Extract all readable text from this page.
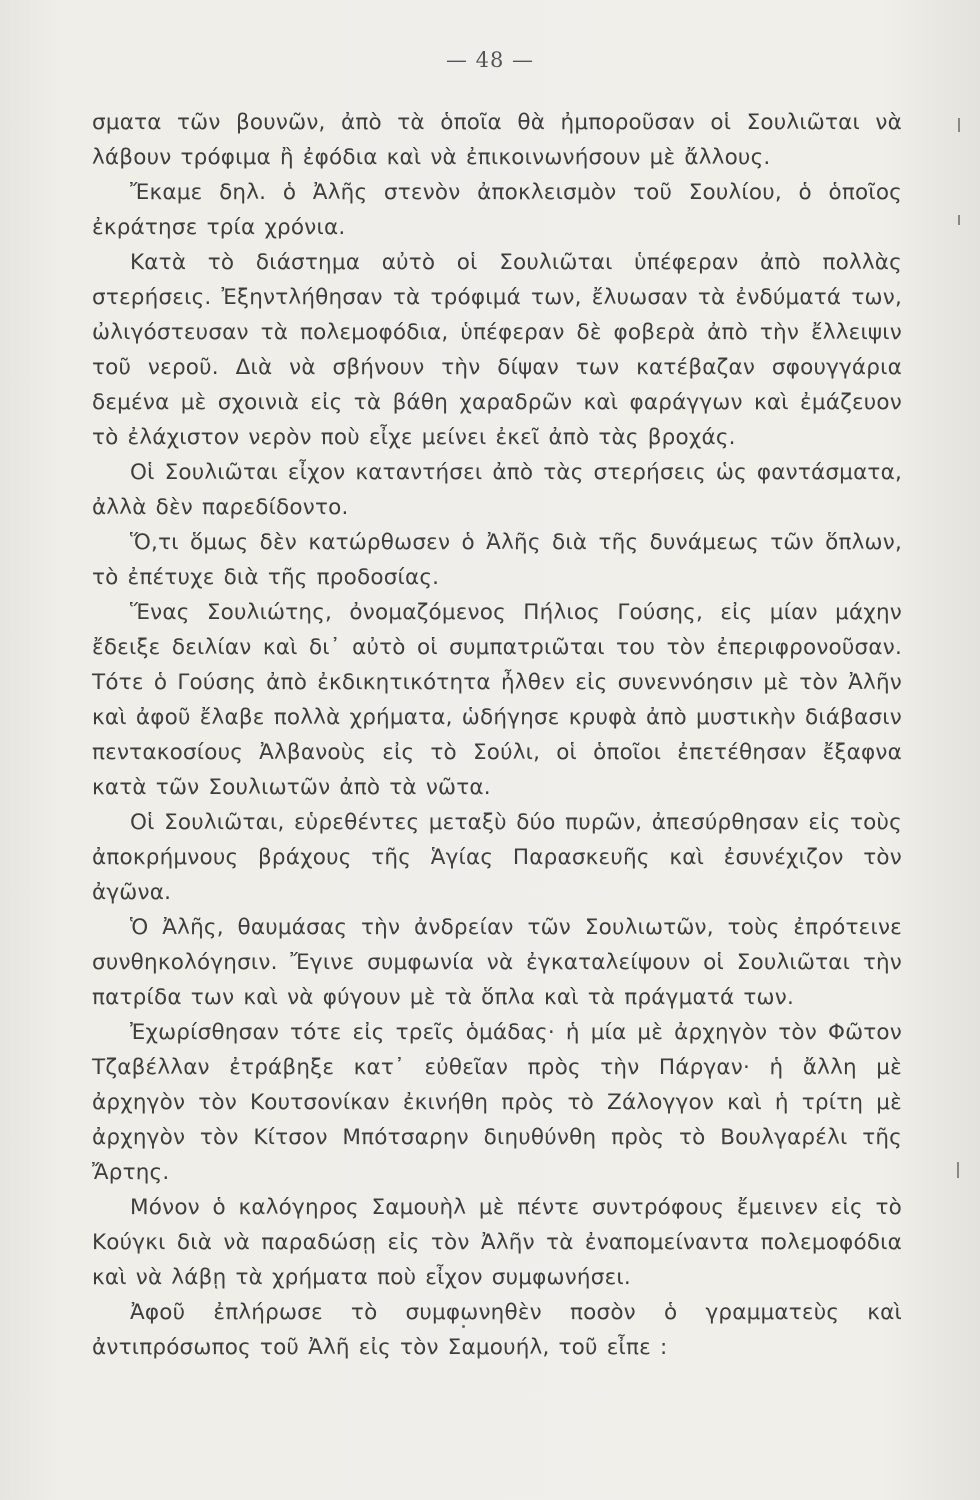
— 48 —

σματα τῶν βουνῶν, ἀπὸ τὰ ὁποῖα θὰ ἠμποροῦσαν οἱ Σουλιῶται νὰ λάβουν τρόφιμα ἢ ἐφόδια καὶ νὰ ἐπικοινωνήσουν μὲ ἄλλους.

Ἔκαμε δηλ. ὁ Ἀλῆς στενὸν ἀποκλεισμὸν τοῦ Σουλίου, ὁ ὁποῖος ἐκράτησε τρία χρόνια.

Κατὰ τὸ διάστημα αὐτὸ οἱ Σουλιῶται ὑπέφεραν ἀπὸ πολλὰς στερήσεις. Ἐξηντλήθησαν τὰ τρόφιμά των, ἔλυωσαν τὰ ἐνδύματά των, ὠλιγόστευσαν τὰ πολεμοφόδια, ὑπέφεραν δὲ φοβερὰ ἀπὸ τὴν ἔλλειψιν τοῦ νεροῦ. Διὰ νὰ σβήνουν τὴν δίψαν των κατέβαζαν σφουγγάρια δεμένα μὲ σχοινιὰ εἰς τὰ βάθη χαραδρῶν καὶ φαράγγων καὶ ἐμάζευον τὸ ἐλάχιστον νερὸν ποὺ εἶχε μείνει ἐκεῖ ἀπὸ τὰς βροχάς.

Οἱ Σουλιῶται εἶχον καταντήσει ἀπὸ τὰς στερήσεις ὡς φαντάσματα, ἀλλὰ δὲν παρεδίδοντο.

Ὅ,τι ὅμως δὲν κατώρθωσεν ὁ Ἀλῆς διὰ τῆς δυνάμεως τῶν ὅπλων, τὸ ἐπέτυχε διὰ τῆς προδοσίας.

Ἕνας Σουλιώτης, ὀνομαζόμενος Πήλιος Γούσης, εἰς μίαν μάχην ἔδειξε δειλίαν καὶ δι᾽ αὐτὸ οἱ συμπατριῶται του τὸν ἐπεριφρονοῦσαν. Τότε ὁ Γούσης ἀπὸ ἐκδικητικότητα ἦλθεν εἰς συνεννόησιν μὲ τὸν Ἀλῆν καὶ ἀφοῦ ἔλαβε πολλὰ χρήματα, ὡδήγησε κρυφὰ ἀπὸ μυστικὴν διάβασιν πεντακοσίους Ἀλβανοὺς εἰς τὸ Σούλι, οἱ ὁποῖοι ἐπετέθησαν ἔξαφνα κατὰ τῶν Σουλιωτῶν ἀπὸ τὰ νῶτα.

Οἱ Σουλιῶται, εὑρεθέντες μεταξὺ δύο πυρῶν, ἀπεσύρθησαν εἰς τοὺς ἀποκρήμνους βράχους τῆς Ἁγίας Παρασκευῆς καὶ ἐσυνέχιζον τὸν ἀγῶνα.

Ὁ Ἀλῆς, θαυμάσας τὴν ἀνδρείαν τῶν Σουλιωτῶν, τοὺς ἐπρότεινε συνθηκολόγησιν. Ἔγινε συμφωνία νὰ ἐγκαταλείψουν οἱ Σουλιῶται τὴν πατρίδα των καὶ νὰ φύγουν μὲ τὰ ὅπλα καὶ τὰ πράγματά των.

Ἐχωρίσθησαν τότε εἰς τρεῖς ὁμάδας· ἡ μία μὲ ἀρχηγὸν τὸν Φῶτον Τζαβέλλαν ἐτράβηξε κατ᾽ εὐθεῖαν πρὸς τὴν Πάργαν· ἡ ἄλλη μὲ ἀρχηγὸν τὸν Κουτσονίκαν ἐκινήθη πρὸς τὸ Ζάλογγον καὶ ἡ τρίτη μὲ ἀρχηγὸν τὸν Κίτσον Μπότσαρην διηυθύνθη πρὸς τὸ Βουλγαρέλι τῆς Ἄρτης.

Μόνον ὁ καλόγηρος Σαμουὴλ μὲ πέντε συντρόφους ἔμεινεν εἰς τὸ Κούγκι διὰ νὰ παραδώσῃ εἰς τὸν Ἀλῆν τὰ ἐναπομείναντα πολεμοφόδια καὶ νὰ λάβῃ τὰ χρήματα ποὺ εἶχον συμφωνήσει.

Ἀφοῦ ἐπλήρωσε τὸ συμφωνηθὲν ποσὸν ὁ γραμματεὺς καὶ ἀντιπρόσωπος τοῦ Ἀλῆ εἰς τὸν Σαμουήλ, τοῦ εἶπε :
